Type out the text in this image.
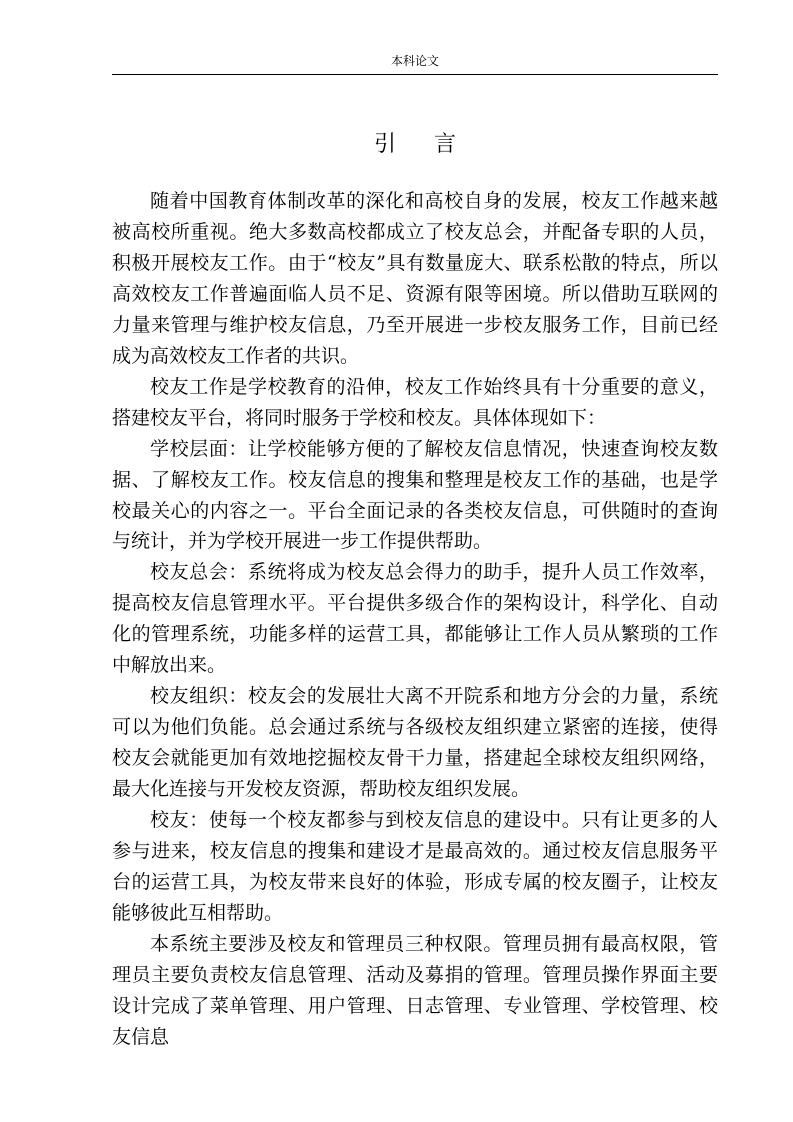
本科论文
引言

随着中国教育体制改革的深化和高校自身的发展，校友工作越来越被高校所重视。绝大多数高校都成立了校友总会，并配备专职的人员，积极开展校友工作。由于“校友”具有数量庞大、联系松散的特点，所以高效校友工作普遍面临人员不足、资源有限等困境。所以借助互联网的力量来管理与维护校友信息，乃至开展进一步校友服务工作，目前已经成为高效校友工作者的共识。

校友工作是学校教育的沿伸，校友工作始终具有十分重要的意义，搭建校友平台，将同时服务于学校和校友。具体体现如下：

学校层面：让学校能够方便的了解校友信息情况，快速查询校友数据、了解校友工作。校友信息的搜集和整理是校友工作的基础，也是学校最关心的内容之一。平台全面记录的各类校友信息，可供随时的查询与统计，并为学校开展进一步工作提供帮助。

校友总会：系统将成为校友总会得力的助手，提升人员工作效率，提高校友信息管理水平。平台提供多级合作的架构设计，科学化、自动化的管理系统，功能多样的运营工具，都能够让工作人员从繁琐的工作中解放出来。

校友组织：校友会的发展壮大离不开院系和地方分会的力量，系统可以为他们负能。总会通过系统与各级校友组织建立紧密的连接，使得校友会就能更加有效地挖掘校友骨干力量，搭建起全球校友组织网络，最大化连接与开发校友资源，帮助校友组织发展。

校友：使每一个校友都参与到校友信息的建设中。只有让更多的人参与进来，校友信息的搜集和建设才是最高效的。通过校友信息服务平台的运营工具，为校友带来良好的体验，形成专属的校友圈子，让校友能够彼此互相帮助。

本系统主要涉及校友和管理员三种权限。管理员拥有最高权限，管理员主要负责校友信息管理、活动及募捐的管理。管理员操作界面主要设计完成了菜单管理、用户管理、日志管理、专业管理、学校管理、校友信息
